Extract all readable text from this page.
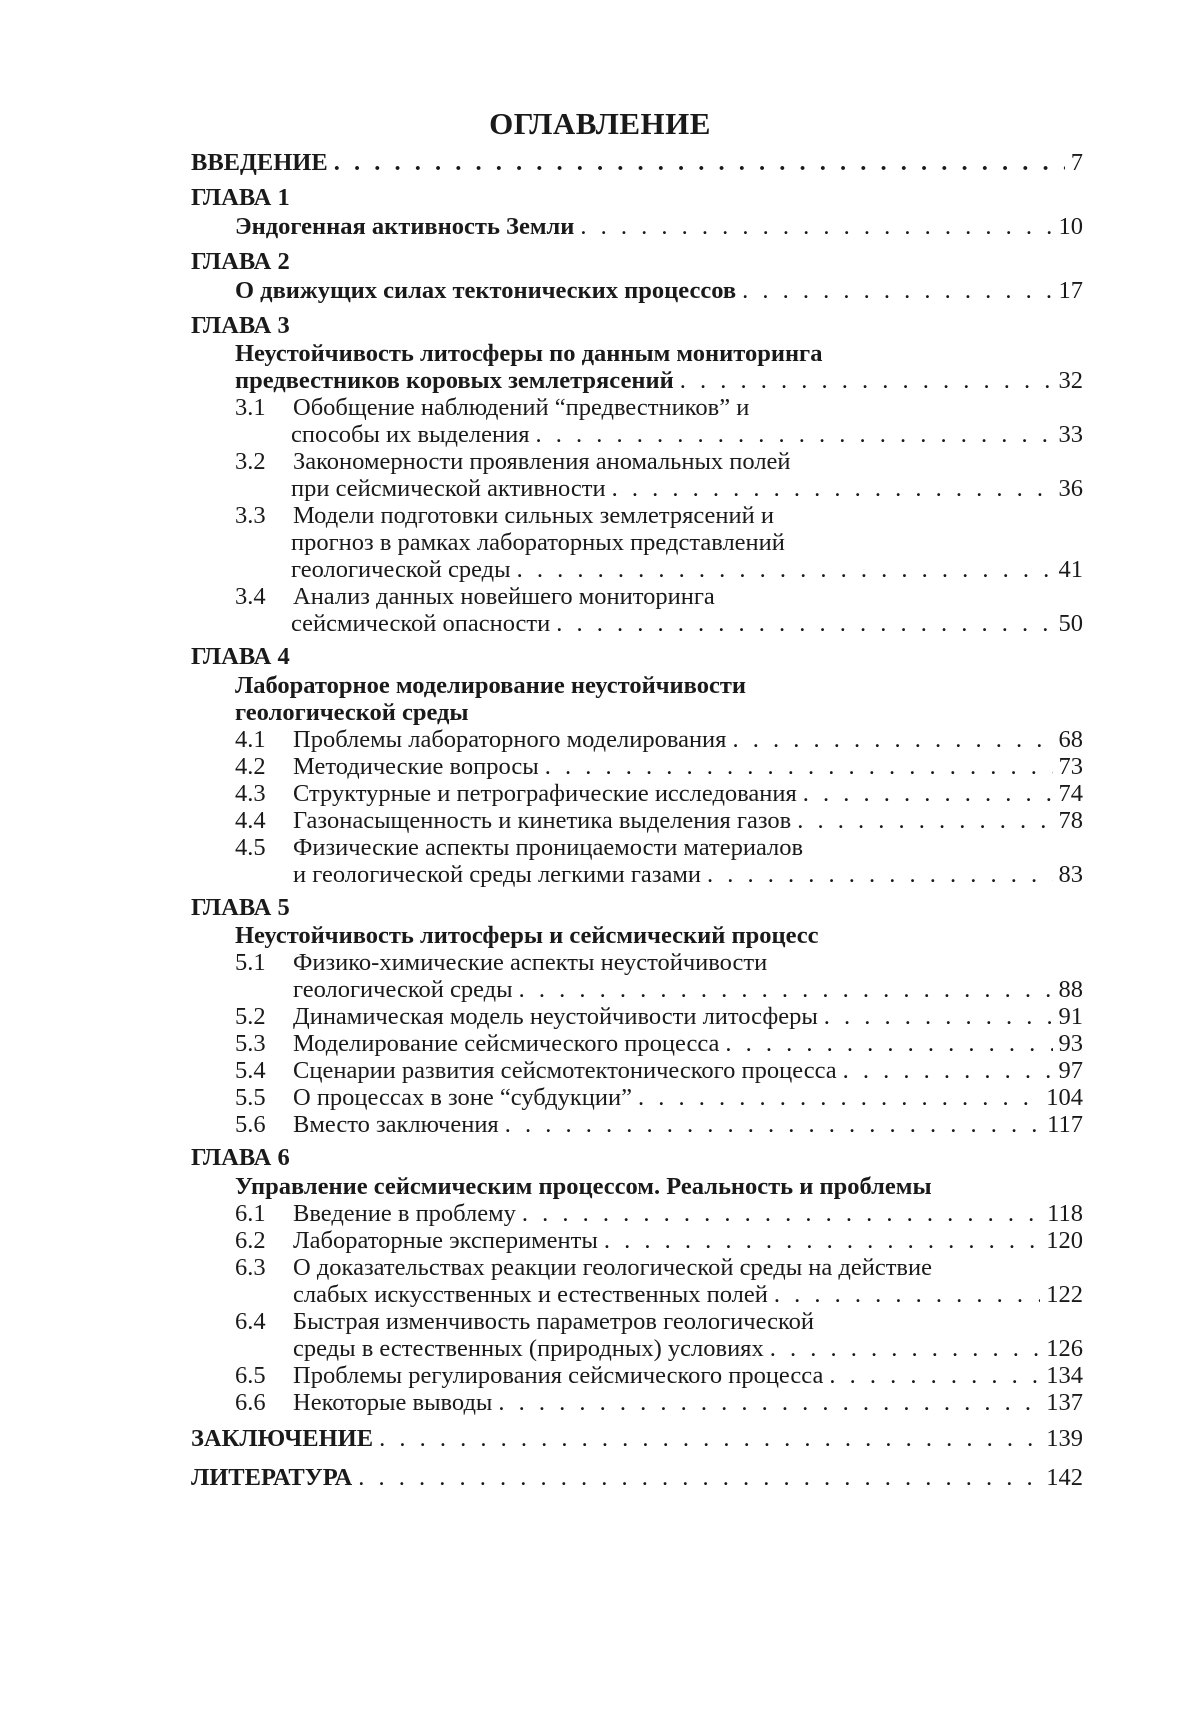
ОГЛАВЛЕНИЕ
ВВЕДЕНИЕ . . .	7
ГЛАВА 1
Эндогенная активность Земли . . .	10
ГЛАВА 2
О движущих силах тектонических процессов . . .	17
ГЛАВА 3
Неустойчивость литосферы по данным мониторинга
предвестников коровых землетрясений . . .	32
3.1 Обобщение наблюдений “предвестников” и
способы их выделения . . .	33
3.2 Закономерности проявления аномальных полей
при сейсмической активности . . .	36
3.3 Модели подготовки сильных землетрясений и
прогноз в рамках лабораторных представлений
геологической среды . . .	41
3.4 Анализ данных новейшего мониторинга
сейсмической опасности . . .	50
ГЛАВА 4
Лабораторное моделирование неустойчивости
геологической среды
4.1 Проблемы лабораторного моделирования . . .	68
4.2 Методические вопросы . . .	73
4.3 Структурные и петрографические исследования . . .	74
4.4 Газонасыщенность и кинетика выделения газов . . .	78
4.5 Физические аспекты проницаемости материалов
и геологической среды легкими газами . . .	83
ГЛАВА 5
Неустойчивость литосферы и сейсмический процесс
5.1 Физико-химические аспекты неустойчивости
геологической среды . . .	88
5.2 Динамическая модель неустойчивости литосферы . . .	91
5.3 Моделирование сейсмического процесса . . .	93
5.4 Сценарии развития сейсмотектонического процесса . . .	97
5.5 О процессах в зоне “субдукции” . . .	104
5.6 Вместо заключения . . .	117
ГЛАВА 6
Управление сейсмическим процессом. Реальность и проблемы
6.1 Введение в проблему . . .	118
6.2 Лабораторные эксперименты . . .	120
6.3 О доказательствах реакции геологической среды на действие
слабых искусственных и естественных полей . . .	122
6.4 Быстрая изменчивость параметров геологической
среды в естественных (природных) условиях . . .	126
6.5 Проблемы регулирования сейсмического процесса . . .	134
6.6 Некоторые выводы . . .	137
ЗАКЛЮЧЕНИЕ . . .	139
ЛИТЕРАТУРА . . .	142
